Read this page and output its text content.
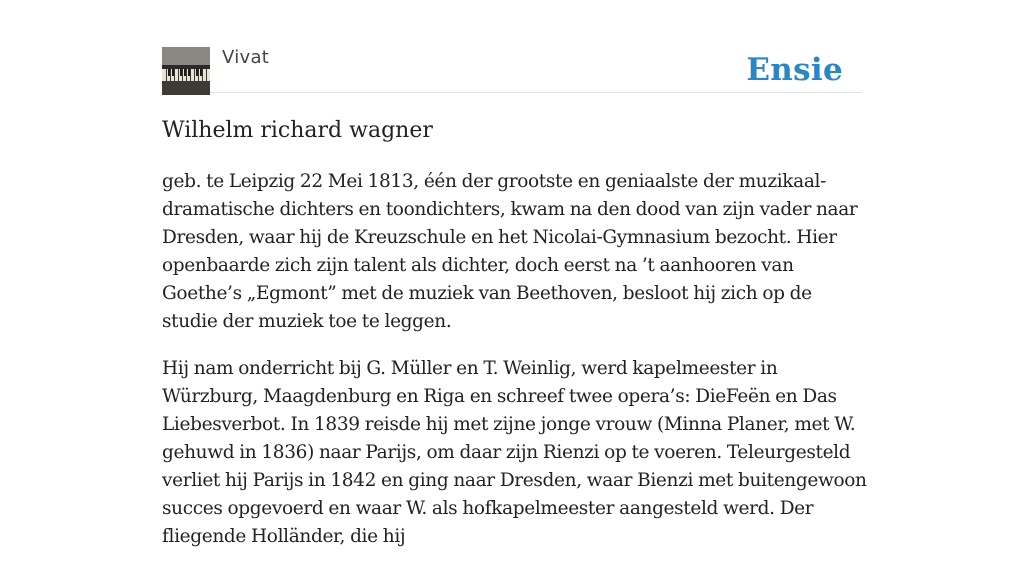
Vivat	Ensie
Wilhelm richard wagner

geb. te Leipzig 22 Mei 1813, één der grootste en geniaalste der muzikaal-dramatische dichters en toondichters, kwam na den dood van zijn vader naar Dresden, waar hij de Kreuzschule en het Nicolai-Gymnasium bezocht. Hier openbaarde zich zijn talent als dichter, doch eerst na ’t aanhooren van Goethe’s „Egmont” met de muziek van Beethoven, besloot hij zich op de studie der muziek toe te leggen.

Hij nam onderricht bij G. Müller en T. Weinlig, werd kapelmeester in Würzburg, Maagdenburg en Riga en schreef twee opera’s: DieFeën en Das Liebesverbot. In 1839 reisde hij met zijne jonge vrouw (Minna Planer, met W. gehuwd in 1836) naar Parijs, om daar zijn Rienzi op te voeren. Teleurgesteld verliet hij Parijs in 1842 en ging naar Dresden, waar Bienzi met buitengewoon succes opgevoerd en waar W. als hofkapelmeester aangesteld werd. Der fliegende Holländer, die hij
